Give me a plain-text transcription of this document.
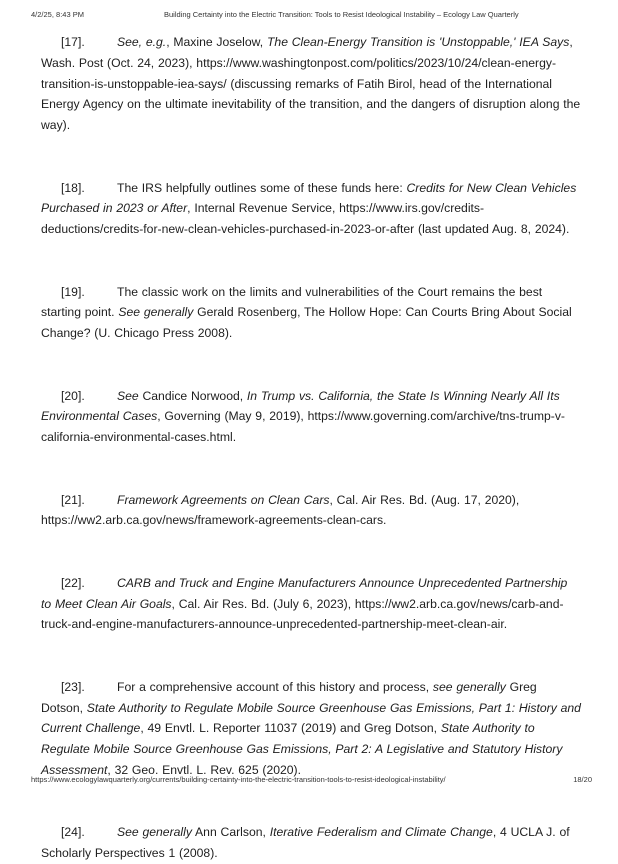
4/2/25, 8:43 PM	Building Certainty into the Electric Transition: Tools to Resist Ideological Instability – Ecology Law Quarterly

[17].	See, e.g., Maxine Joselow, The Clean-Energy Transition is 'Unstoppable,' IEA Says, Wash. Post (Oct. 24, 2023), https://www.washingtonpost.com/politics/2023/10/24/clean-energy-transition-is-unstoppable-iea-says/ (discussing remarks of Fatih Birol, head of the International Energy Agency on the ultimate inevitability of the transition, and the dangers of disruption along the way).

[18].	The IRS helpfully outlines some of these funds here: Credits for New Clean Vehicles Purchased in 2023 or After, Internal Revenue Service, https://www.irs.gov/credits-deductions/credits-for-new-clean-vehicles-purchased-in-2023-or-after (last updated Aug. 8, 2024).

[19].	The classic work on the limits and vulnerabilities of the Court remains the best starting point. See generally Gerald Rosenberg, The Hollow Hope: Can Courts Bring About Social Change? (U. Chicago Press 2008).

[20].	See Candice Norwood, In Trump vs. California, the State Is Winning Nearly All Its Environmental Cases, Governing (May 9, 2019), https://www.governing.com/archive/tns-trump-v-california-environmental-cases.html.

[21].	Framework Agreements on Clean Cars, Cal. Air Res. Bd. (Aug. 17, 2020), https://ww2.arb.ca.gov/news/framework-agreements-clean-cars.

[22].	CARB and Truck and Engine Manufacturers Announce Unprecedented Partnership to Meet Clean Air Goals, Cal. Air Res. Bd. (July 6, 2023), https://ww2.arb.ca.gov/news/carb-and-truck-and-engine-manufacturers-announce-unprecedented-partnership-meet-clean-air.

[23].	For a comprehensive account of this history and process, see generally Greg Dotson, State Authority to Regulate Mobile Source Greenhouse Gas Emissions, Part 1: History and Current Challenge, 49 Envtl. L. Reporter 11037 (2019) and Greg Dotson, State Authority to Regulate Mobile Source Greenhouse Gas Emissions, Part 2: A Legislative and Statutory History Assessment, 32 Geo. Envtl. L. Rev. 625 (2020).

[24].	See generally Ann Carlson, Iterative Federalism and Climate Change, 4 UCLA J. of Scholarly Perspectives 1 (2008).

https://www.ecologylawquarterly.org/currents/building-certainty-into-the-electric-transition-tools-to-resist-ideological-instability/	18/20
